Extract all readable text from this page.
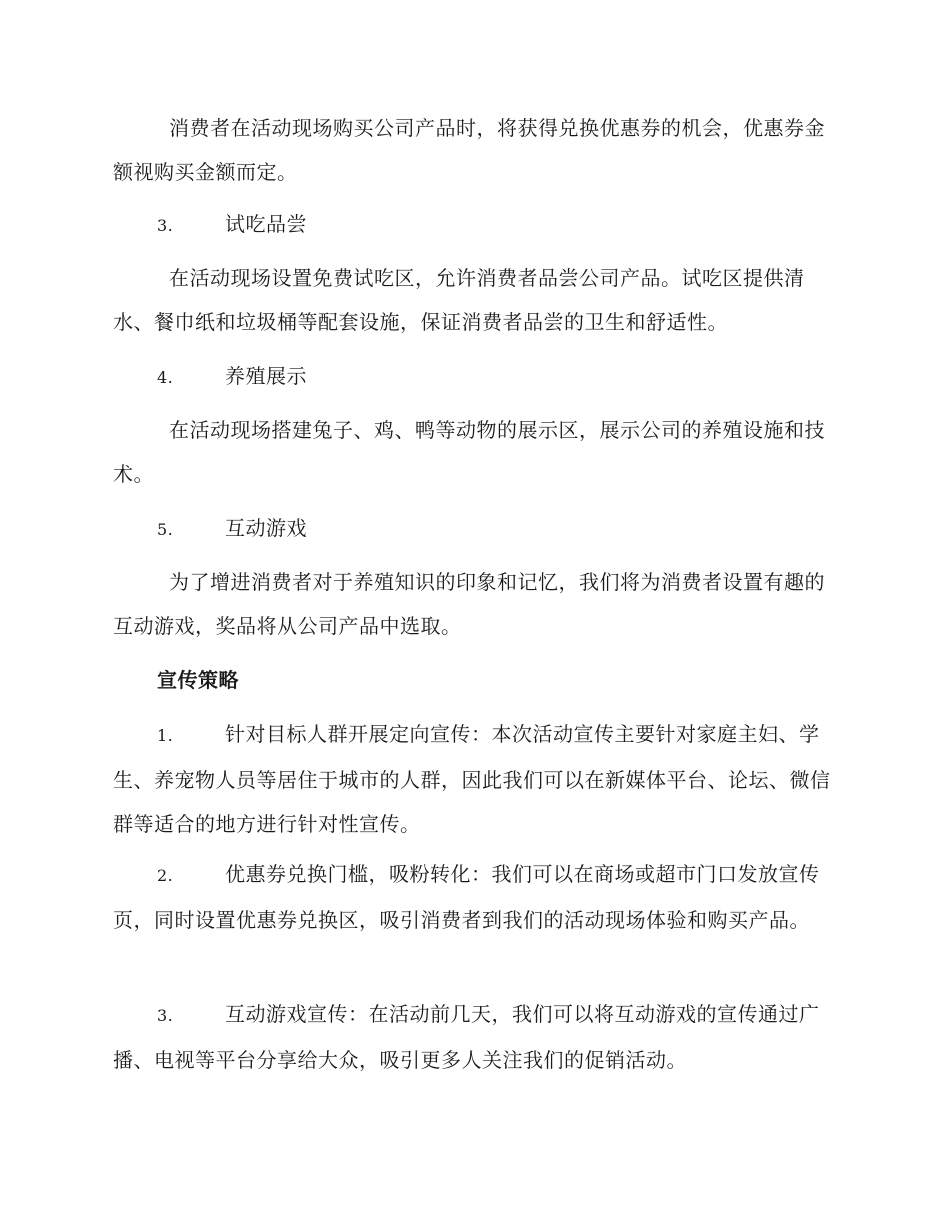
消费者在活动现场购买公司产品时，将获得兑换优惠券的机会，优惠券金额视购买金额而定。
3.	试吃品尝
在活动现场设置免费试吃区，允许消费者品尝公司产品。试吃区提供清水、餐巾纸和垃圾桶等配套设施，保证消费者品尝的卫生和舒适性。
4.	养殖展示
在活动现场搭建兔子、鸡、鸭等动物的展示区，展示公司的养殖设施和技术。
5.	互动游戏
为了增进消费者对于养殖知识的印象和记忆，我们将为消费者设置有趣的互动游戏，奖品将从公司产品中选取。
宣传策略
1.	针对目标人群开展定向宣传：本次活动宣传主要针对家庭主妇、学生、养宠物人员等居住于城市的人群，因此我们可以在新媒体平台、论坛、微信群等适合的地方进行针对性宣传。
2.	优惠券兑换门槛，吸粉转化：我们可以在商场或超市门口发放宣传页，同时设置优惠券兑换区，吸引消费者到我们的活动现场体验和购买产品。
3.	互动游戏宣传：在活动前几天，我们可以将互动游戏的宣传通过广播、电视等平台分享给大众，吸引更多人关注我们的促销活动。
